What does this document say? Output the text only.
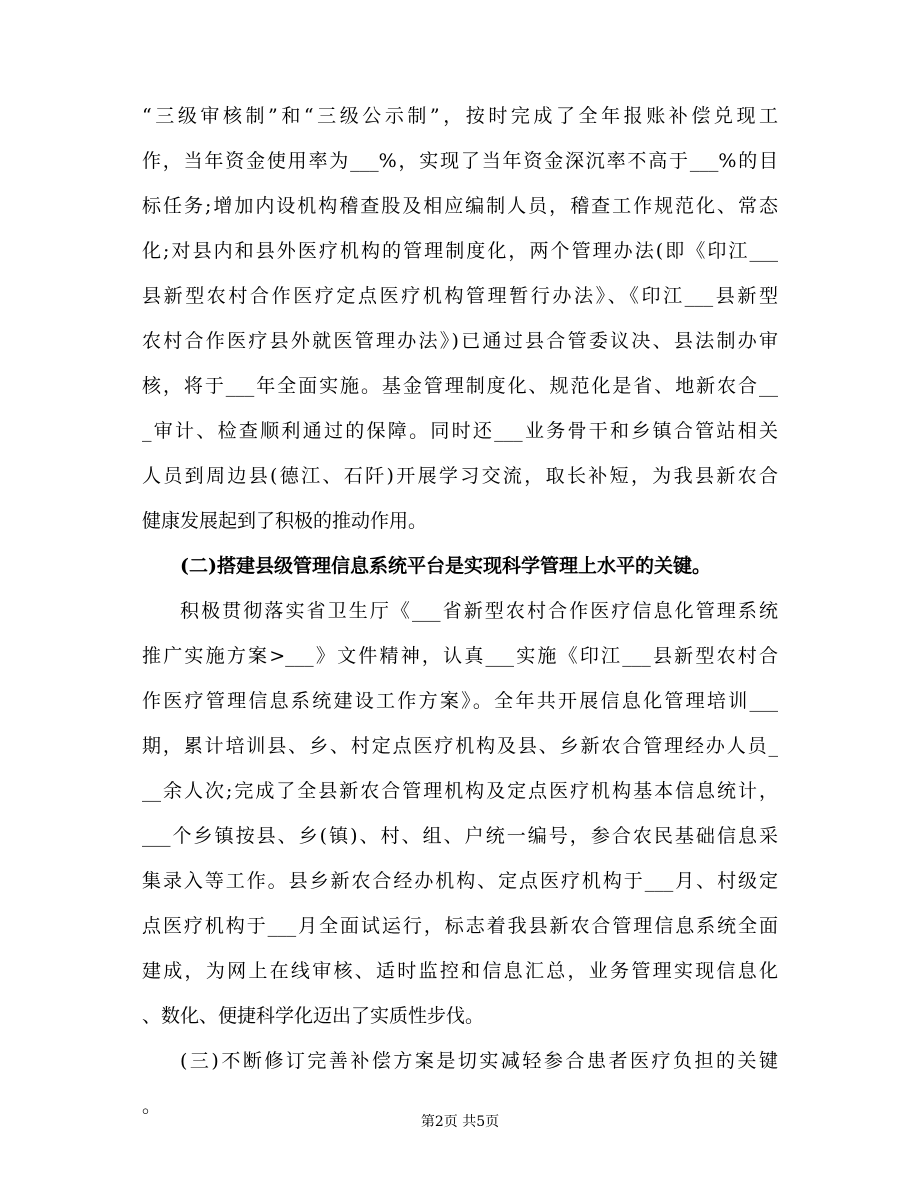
“三级审核制”和“三级公示制”，按时完成了全年报账补偿兑现工
作，当年资金使用率为___%，实现了当年资金深沉率不高于___%的目
标任务;增加内设机构稽查股及相应编制人员，稽查工作规范化、常态
化;对县内和县外医疗机构的管理制度化，两个管理办法(即《印江___
县新型农村合作医疗定点医疗机构管理暂行办法》、《印江___县新型
农村合作医疗县外就医管理办法》)已通过县合管委议决、县法制办审
核，将于___年全面实施。基金管理制度化、规范化是省、地新农合__
_审计、检查顺利通过的保障。同时还___业务骨干和乡镇合管站相关
人员到周边县(德江、石阡)开展学习交流，取长补短，为我县新农合
健康发展起到了积极的推动作用。
(二)搭建县级管理信息系统平台是实现科学管理上水平的关键。
积极贯彻落实省卫生厅《___省新型农村合作医疗信息化管理系统
推广实施方案>___》文件精神，认真___实施《印江___县新型农村合
作医疗管理信息系统建设工作方案》。全年共开展信息化管理培训___
期，累计培训县、乡、村定点医疗机构及县、乡新农合管理经办人员_
__余人次;完成了全县新农合管理机构及定点医疗机构基本信息统计，
___个乡镇按县、乡(镇)、村、组、户统一编号，参合农民基础信息采
集录入等工作。县乡新农合经办机构、定点医疗机构于___月、村级定
点医疗机构于___月全面试运行，标志着我县新农合管理信息系统全面
建成，为网上在线审核、适时监控和信息汇总，业务管理实现信息化
、数化、便捷科学化迈出了实质性步伐。
(三)不断修订完善补偿方案是切实减轻参合患者医疗负担的关键
。
第2页 共5页
